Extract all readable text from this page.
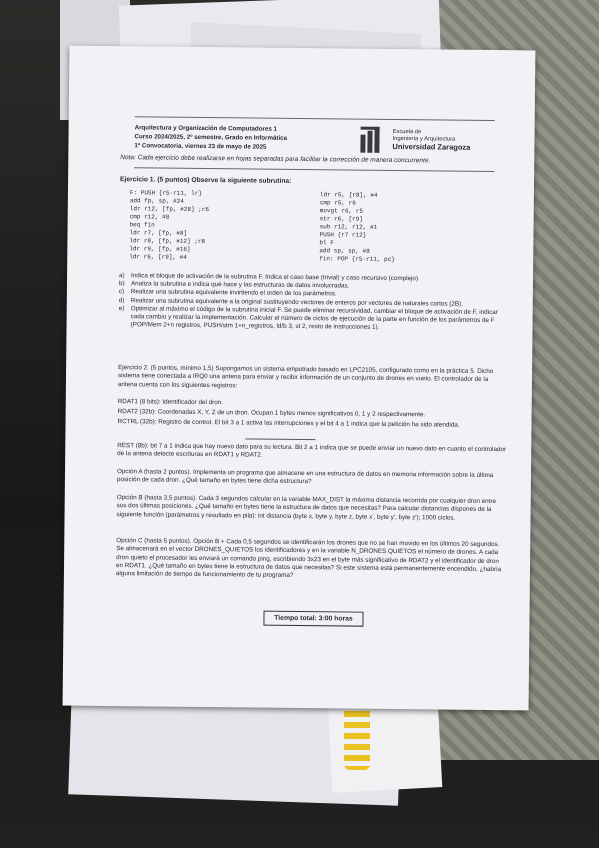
Arquitectura y Organización de Computadores 1
Curso 2024/2025, 2º semestre, Grado en Informática
1ª Convocatoria, viernes 23 de mayo de 2025
Escuela de
Ingeniería y Arquitectura
Universidad Zaragoza
Nota: Cada ejercicio debe realizarse en hojas separadas para facilitar la corrección de manera concurrente.
Ejercicio 1. (5 puntos) Observe la siguiente subrutina:
F: PUSH {r5-r11, lr}
add fp, sp, #24
ldr r12, [fp, #28] ;r6
cmp r12, #0
beq fin
ldr r7, [fp, #8]
ldr r8, [fp, #12] ;r8
ldr r9, [fp, #16]
ldr r6, [r9], #4
ldr r5, [r8], #4
cmp r5, r6
movgt r6, r5
str r6, [r9]
sub r12, r12, #1
PUSH {r7 r12}
bl F
add sp, sp, #8
fin: POP {r5-r11, pc}
a)	Indica el bloque de activación de la subrutina F. Indica el caso base (trivial) y caso recursivo (complejo).
b)	Analiza la subrutina e indica qué hace y las estructuras de datos involucradas.
c)	Realizar una subrutina equivalente invirtiendo el orden de los parámetros.
d)	Realizar una subrutina equivalente a la original sustituyendo vectores de enteros por vectores de naturales cortos (2B).
e)	Optimizar al máximo el código de la subrutina inicial F. Se puede eliminar recursividad, cambiar el bloque de activación de F, indicar cada cambio y realizar la implementación. Calcular el número de ciclos de ejecución de la parte en función de los parámetros de F (POP/Mem 2+n registros, PUSH/stm 1+n_registros, ld/b 3, st 2, resto de instrucciones 1).
Ejercicio 2. (5 puntos, mínimo 1,5) Supongamos un sistema empotrado basado en LPC2105, configurado como en la práctica 5. Dicho sistema tiene conectada a IRQ0 una antena para enviar y recibir información de un conjunto de drones en vuelo. El controlador de la antena cuenta con los siguientes registros:
RDAT1 (8 bits): Identificador del dron.
RDAT2 (32b): Coordenadas X, Y, Z de un dron. Ocupan 1 bytes menos significativos 0, 1 y 2 respectivamente.
RCTRL (32b): Registro de control. El bit 3 a 1 activa las interrupciones y el bit 4 a 1 indica que la petición ha sido atendida.
REST (8b): bit 7 a 1 indica que hay nuevo dato para su lectura. Bit 2 a 1 indica que se puede enviar un nuevo dato en cuanto el controlador de la antena detecte escrituras en RDAT1 y RDAT2.
Opción A (hasta 2 puntos). Implementa un programa que almacene en una estructura de datos en memoria información sobre la última posición de cada dron. ¿Qué tamaño en bytes tiene dicha estructura?
Opción B (hasta 3,5 puntos). Cada 3 segundos calcular en la variable MAX_DIST la máxima distancia recorrida por cualquier dron entre sus dos últimas posiciones. ¿Qué tamaño en bytes tiene la estructura de datos que necesitas? Para calcular distancias dispones de la siguiente función (parámetros y resultado en pila): int distancia (byte x, byte y, byte z, byte x', byte y', byte z'); 1000 ciclos.
Opción C (hasta 5 puntos). Opción B + Cada 0,5 segundos se identificarán los drones que no se han movido en los últimos 20 segundos. Se almacenará en el vector DRONES_QUIETOS los identificadores y en la variable N_DRONES QUIETOS el número de drones. A cada dron quieto el procesador les enviará un comando ping, escribiendo 3x23 en el byte más significativo de RDAT2 y el identificador de dron en RDAT1. ¿Qué tamaño en bytes tiene la estructura de datos que necesitas? Si este sistema está permanentemente encendido, ¿habría alguna limitación de tiempo de funcionamiento de tu programa?
Tiempo total: 3:00 horas
